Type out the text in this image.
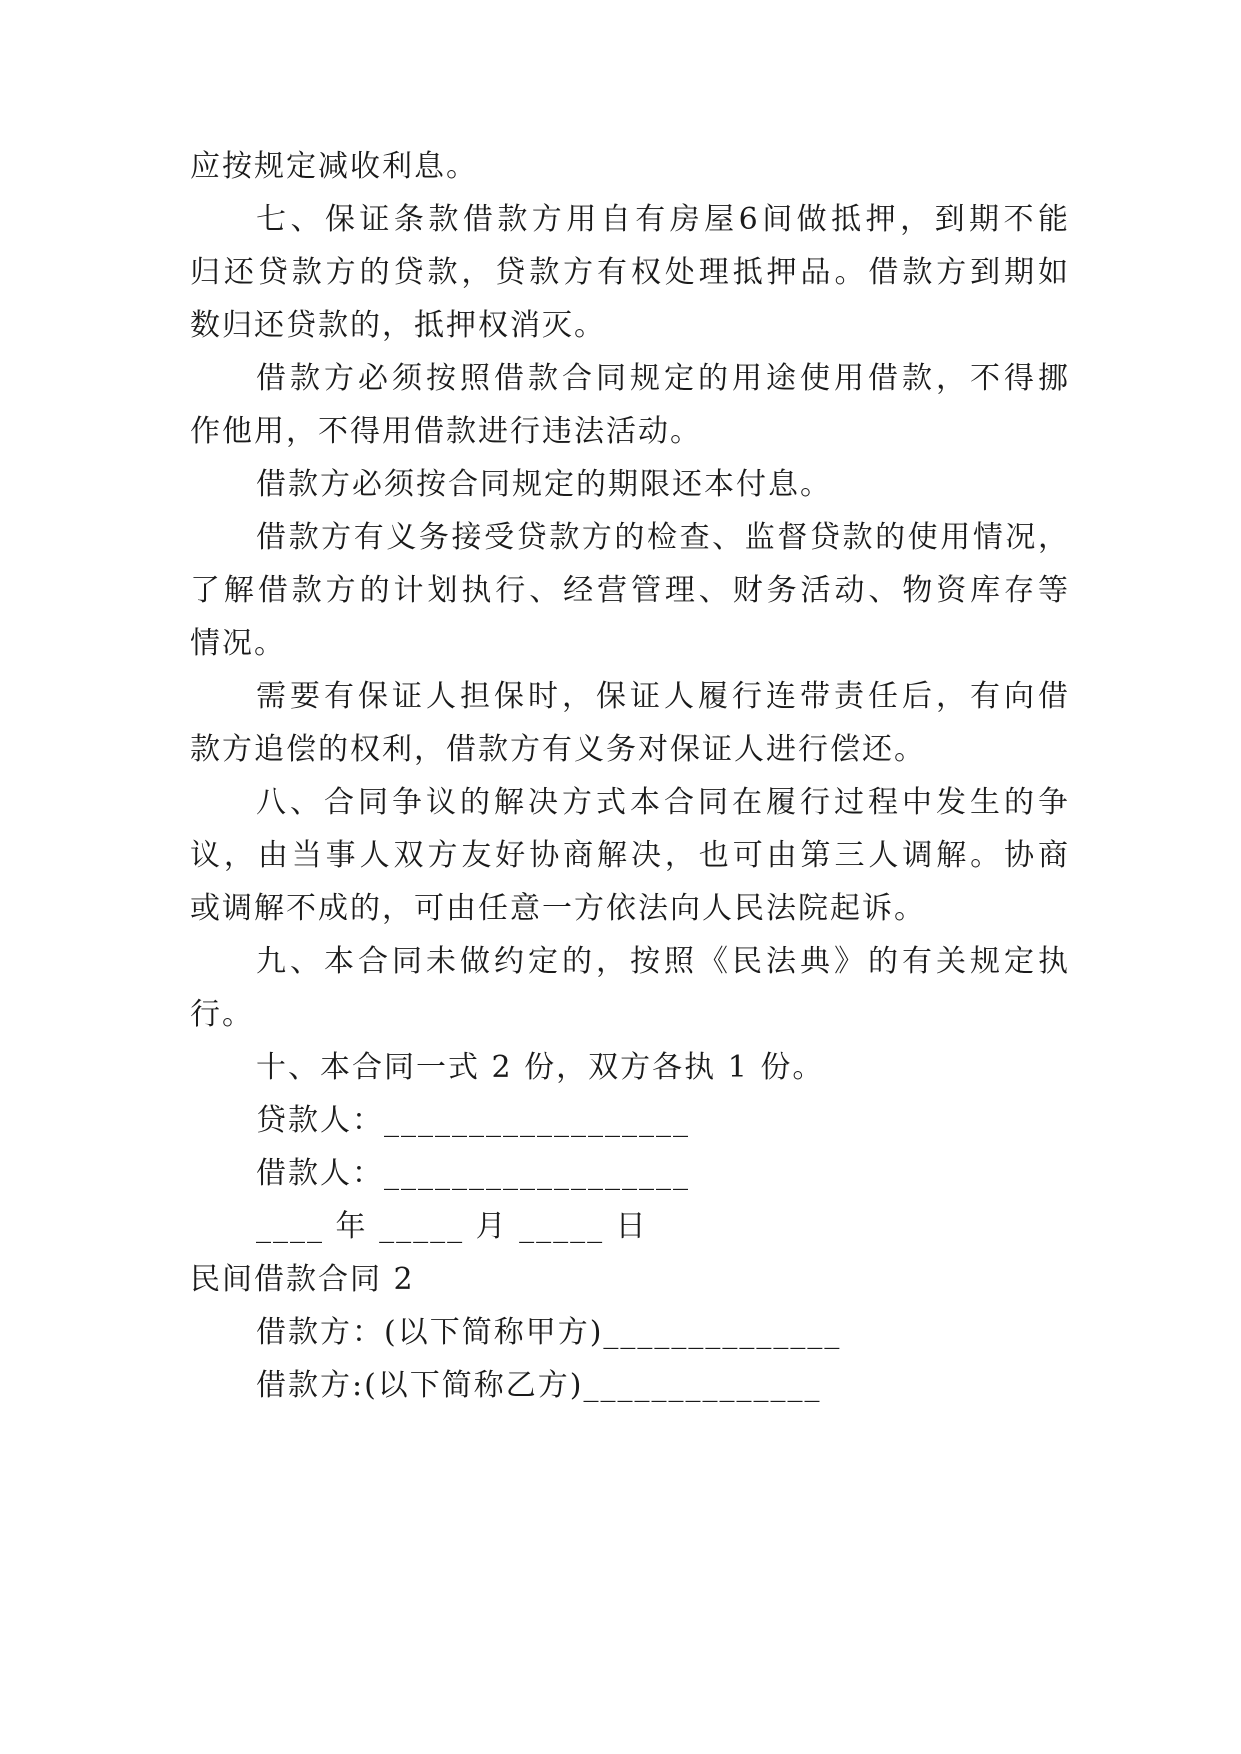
应按规定减收利息。
七、保证条款借款方用自有房屋6间做抵押，到期不能
归还贷款方的贷款，贷款方有权处理抵押品。借款方到期如
数归还贷款的，抵押权消灭。
借款方必须按照借款合同规定的用途使用借款，不得挪
作他用，不得用借款进行违法活动。
借款方必须按合同规定的期限还本付息。
借款方有义务接受贷款方的检查、监督贷款的使用情况，
了解借款方的计划执行、经营管理、财务活动、物资库存等
情况。
需要有保证人担保时，保证人履行连带责任后，有向借
款方追偿的权利，借款方有义务对保证人进行偿还。
八、合同争议的解决方式本合同在履行过程中发生的争
议，由当事人双方友好协商解决，也可由第三人调解。协商
或调解不成的，可由任意一方依法向人民法院起诉。
九、本合同未做约定的，按照《民法典》的有关规定执
行。
十、本合同一式 2 份，双方各执 1 份。
贷款人：__________________
借款人：__________________
____ 年 _____ 月 _____ 日
民间借款合同 2
借款方：(以下简称甲方)______________
借款方:(以下简称乙方)______________
